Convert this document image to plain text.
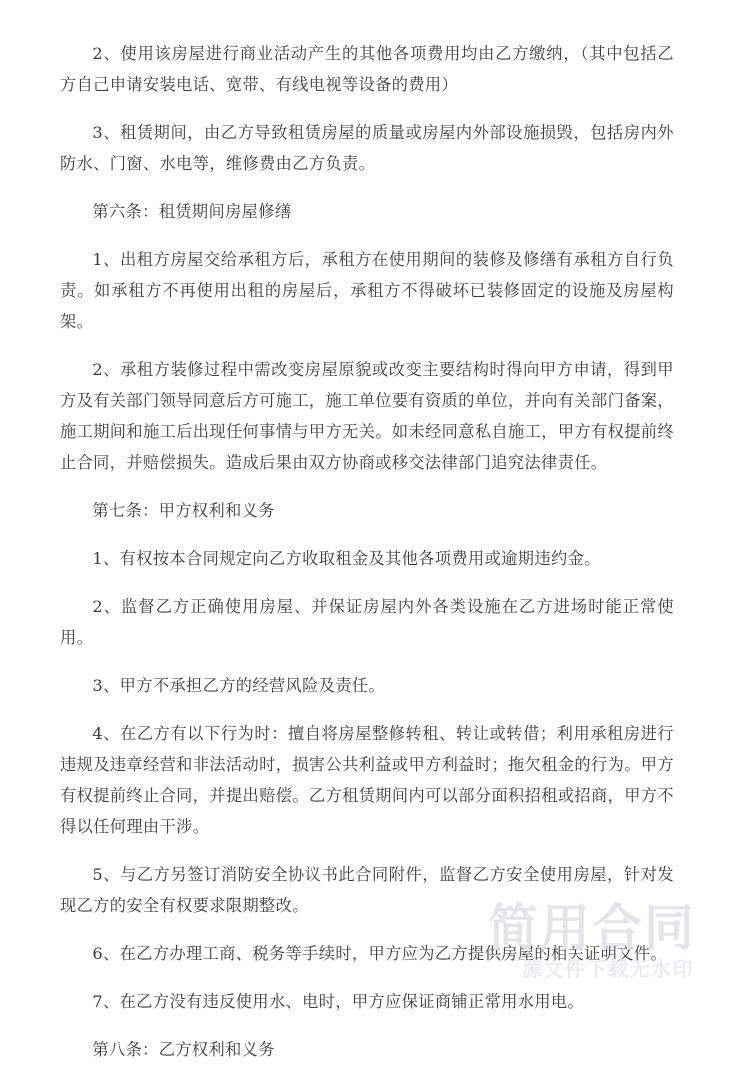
2、使用该房屋进行商业活动产生的其他各项费用均由乙方缴纳，（其中包括乙方自己申请安装电话、宽带、有线电视等设备的费用）

3、租赁期间，由乙方导致租赁房屋的质量或房屋内外部设施损毁，包括房内外防水、门窗、水电等，维修费由乙方负责。

第六条：租赁期间房屋修缮

1、出租方房屋交给承租方后，承租方在使用期间的装修及修缮有承租方自行负责。如承租方不再使用出租的房屋后，承租方不得破坏已装修固定的设施及房屋构架。

2、承租方装修过程中需改变房屋原貌或改变主要结构时得向甲方申请，得到甲方及有关部门领导同意后方可施工，施工单位要有资质的单位，并向有关部门备案，施工期间和施工后出现任何事情与甲方无关。如未经同意私自施工，甲方有权提前终止合同，并赔偿损失。造成后果由双方协商或移交法律部门追究法律责任。

第七条：甲方权利和义务

1、有权按本合同规定向乙方收取租金及其他各项费用或逾期违约金。

2、监督乙方正确使用房屋、并保证房屋内外各类设施在乙方进场时能正常使用。

3、甲方不承担乙方的经营风险及责任。

4、在乙方有以下行为时：擅自将房屋整修转租、转让或转借；利用承租房进行违规及违章经营和非法活动时，损害公共利益或甲方利益时；拖欠租金的行为。甲方有权提前终止合同，并提出赔偿。乙方租赁期间内可以部分面积招租或招商，甲方不得以任何理由干涉。

5、与乙方另签订消防安全协议书此合同附件，监督乙方安全使用房屋，针对发现乙方的安全有权要求限期整改。

6、在乙方办理工商、税务等手续时，甲方应为乙方提供房屋的相关证明文件。

7、在乙方没有违反使用水、电时，甲方应保证商铺正常用水用电。

第八条：乙方权利和义务

简用合同
源文件下载无水印
